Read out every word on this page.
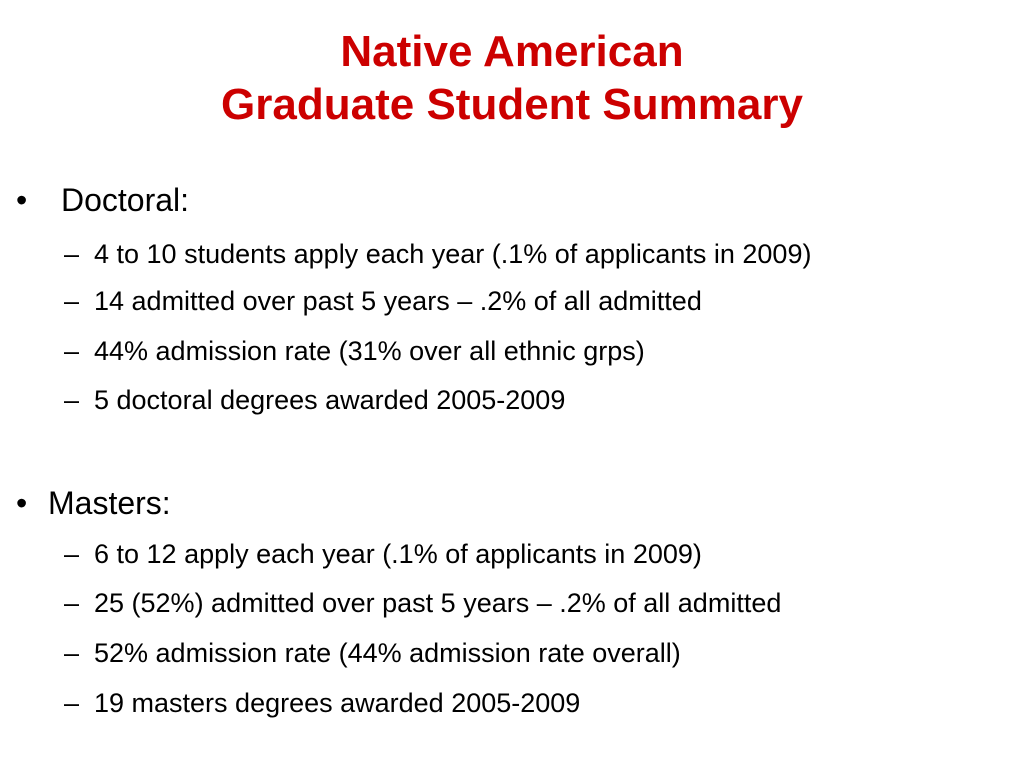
Native American
Graduate Student Summary
• Doctoral:
– 4 to 10 students apply each year (.1% of applicants in 2009)
– 14 admitted over past 5 years – .2% of all admitted
– 44% admission rate (31% over all ethnic grps)
– 5 doctoral degrees awarded 2005-2009
• Masters:
– 6 to 12 apply each year (.1% of applicants in 2009)
– 25 (52%) admitted over past 5 years – .2% of all admitted
– 52% admission rate (44% admission rate overall)
– 19 masters degrees awarded 2005-2009
